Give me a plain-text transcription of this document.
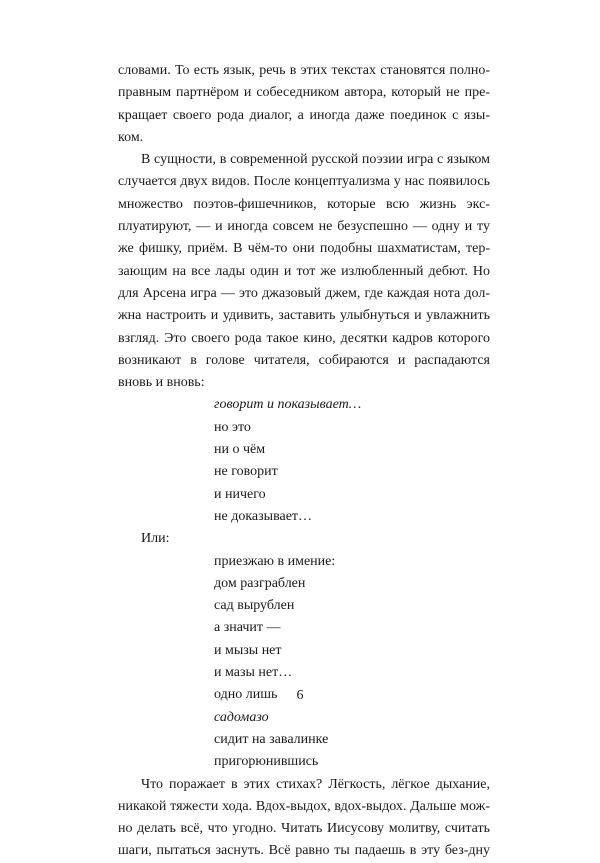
словами. То есть язык, речь в этих текстах становятся полно-
правным партнёром и собеседником автора, который не пре-
кращает своего рода диалог, а иногда даже поединок с язы-
ком.
В сущности, в современной русской поэзии игра с языком
случается двух видов. После концептуализма у нас появилось
множество поэтов-фишечников, которые всю жизнь экс-
плуатируют, — и иногда совсем не безуспешно — одну и ту
же фишку, приём. В чём-то они подобны шахматистам, тер-
зающим на все лады один и тот же излюбленный дебют. Но
для Арсена игра — это джазовый джем, где каждая нота дол-
жна настроить и удивить, заставить улыбнуться и увлажнить
взгляд. Это своего рода такое кино, десятки кадров которого
возникают в голове читателя, собираются и распадаются
вновь и вновь:
говорит и показывает…
но это
ни о чём
не говорит
и ничего
не доказывает…
Или:
приезжаю в имение:
дом разграблен
сад вырублен
а значит —
и мызы нет
и мазы нет…
одно лишь
садомазо
сидит на завалинке
пригорюнившись
Что поражает в этих стихах? Лёгкость, лёгкое дыхание,
никакой тяжести хода. Вдох-выдох, вдох-выдох. Дальше мож-
но делать всё, что угодно. Читать Иисусову молитву, считать
шаги, пытаться заснуть. Всё равно ты падаешь в эту без-дну
6
